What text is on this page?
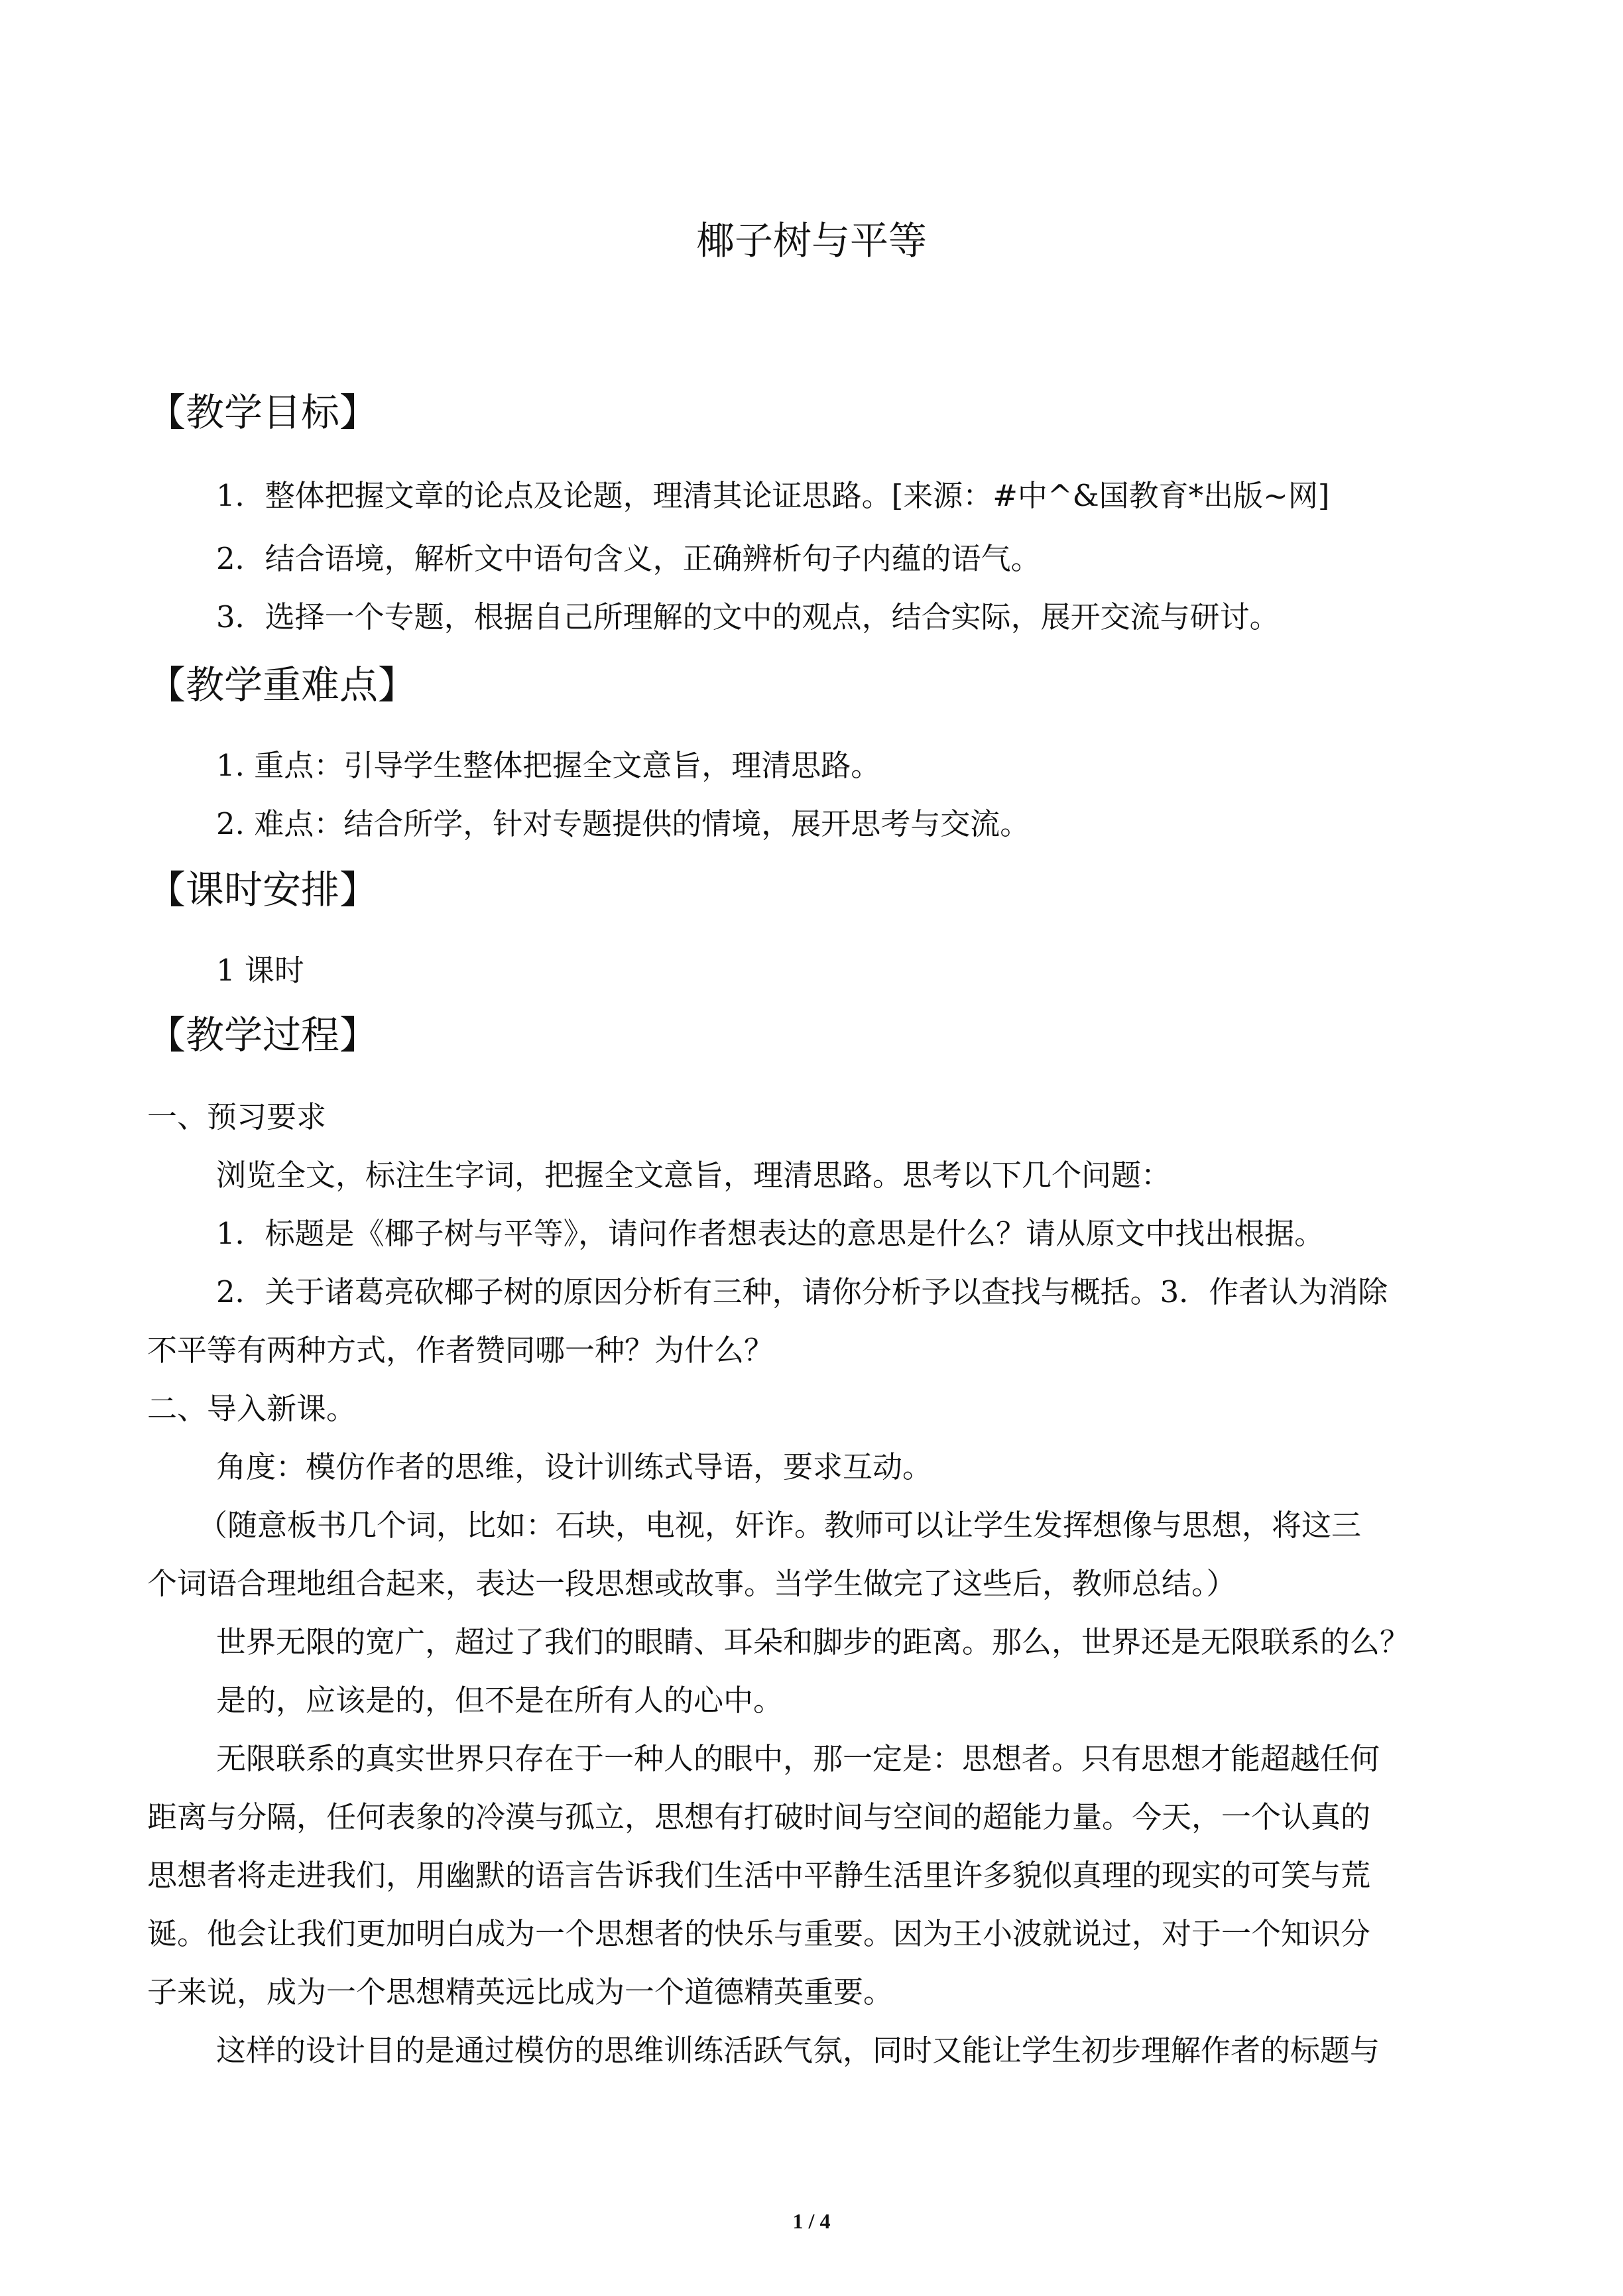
椰子树与平等
【教学目标】
1．整体把握文章的论点及论题，理清其论证思路。[来源：#中^&国教育*出版~网]
2．结合语境，解析文中语句含义，正确辨析句子内蕴的语气。
3．选择一个专题，根据自己所理解的文中的观点，结合实际，展开交流与研讨。
【教学重难点】
1. 重点：引导学生整体把握全文意旨，理清思路。
2. 难点：结合所学，针对专题提供的情境，展开思考与交流。
【课时安排】
1 课时
【教学过程】
一、预习要求
浏览全文，标注生字词，把握全文意旨，理清思路。思考以下几个问题：
1．标题是《椰子树与平等》，请问作者想表达的意思是什么？请从原文中找出根据。
2．关于诸葛亮砍椰子树的原因分析有三种，请你分析予以查找与概括。3．作者认为消除
不平等有两种方式，作者赞同哪一种？为什么？
二、导入新课。
角度：模仿作者的思维，设计训练式导语，要求互动。
（随意板书几个词，比如：石块，电视，奸诈。教师可以让学生发挥想像与思想，将这三
个词语合理地组合起来，表达一段思想或故事。当学生做完了这些后，教师总结。）
世界无限的宽广，超过了我们的眼睛、耳朵和脚步的距离。那么，世界还是无限联系的么？
是的，应该是的，但不是在所有人的心中。
无限联系的真实世界只存在于一种人的眼中，那一定是：思想者。只有思想才能超越任何
距离与分隔，任何表象的冷漠与孤立，思想有打破时间与空间的超能力量。今天，一个认真的
思想者将走进我们，用幽默的语言告诉我们生活中平静生活里许多貌似真理的现实的可笑与荒
诞。他会让我们更加明白成为一个思想者的快乐与重要。因为王小波就说过，对于一个知识分
子来说，成为一个思想精英远比成为一个道德精英重要。
这样的设计目的是通过模仿的思维训练活跃气氛，同时又能让学生初步理解作者的标题与
1 / 4
